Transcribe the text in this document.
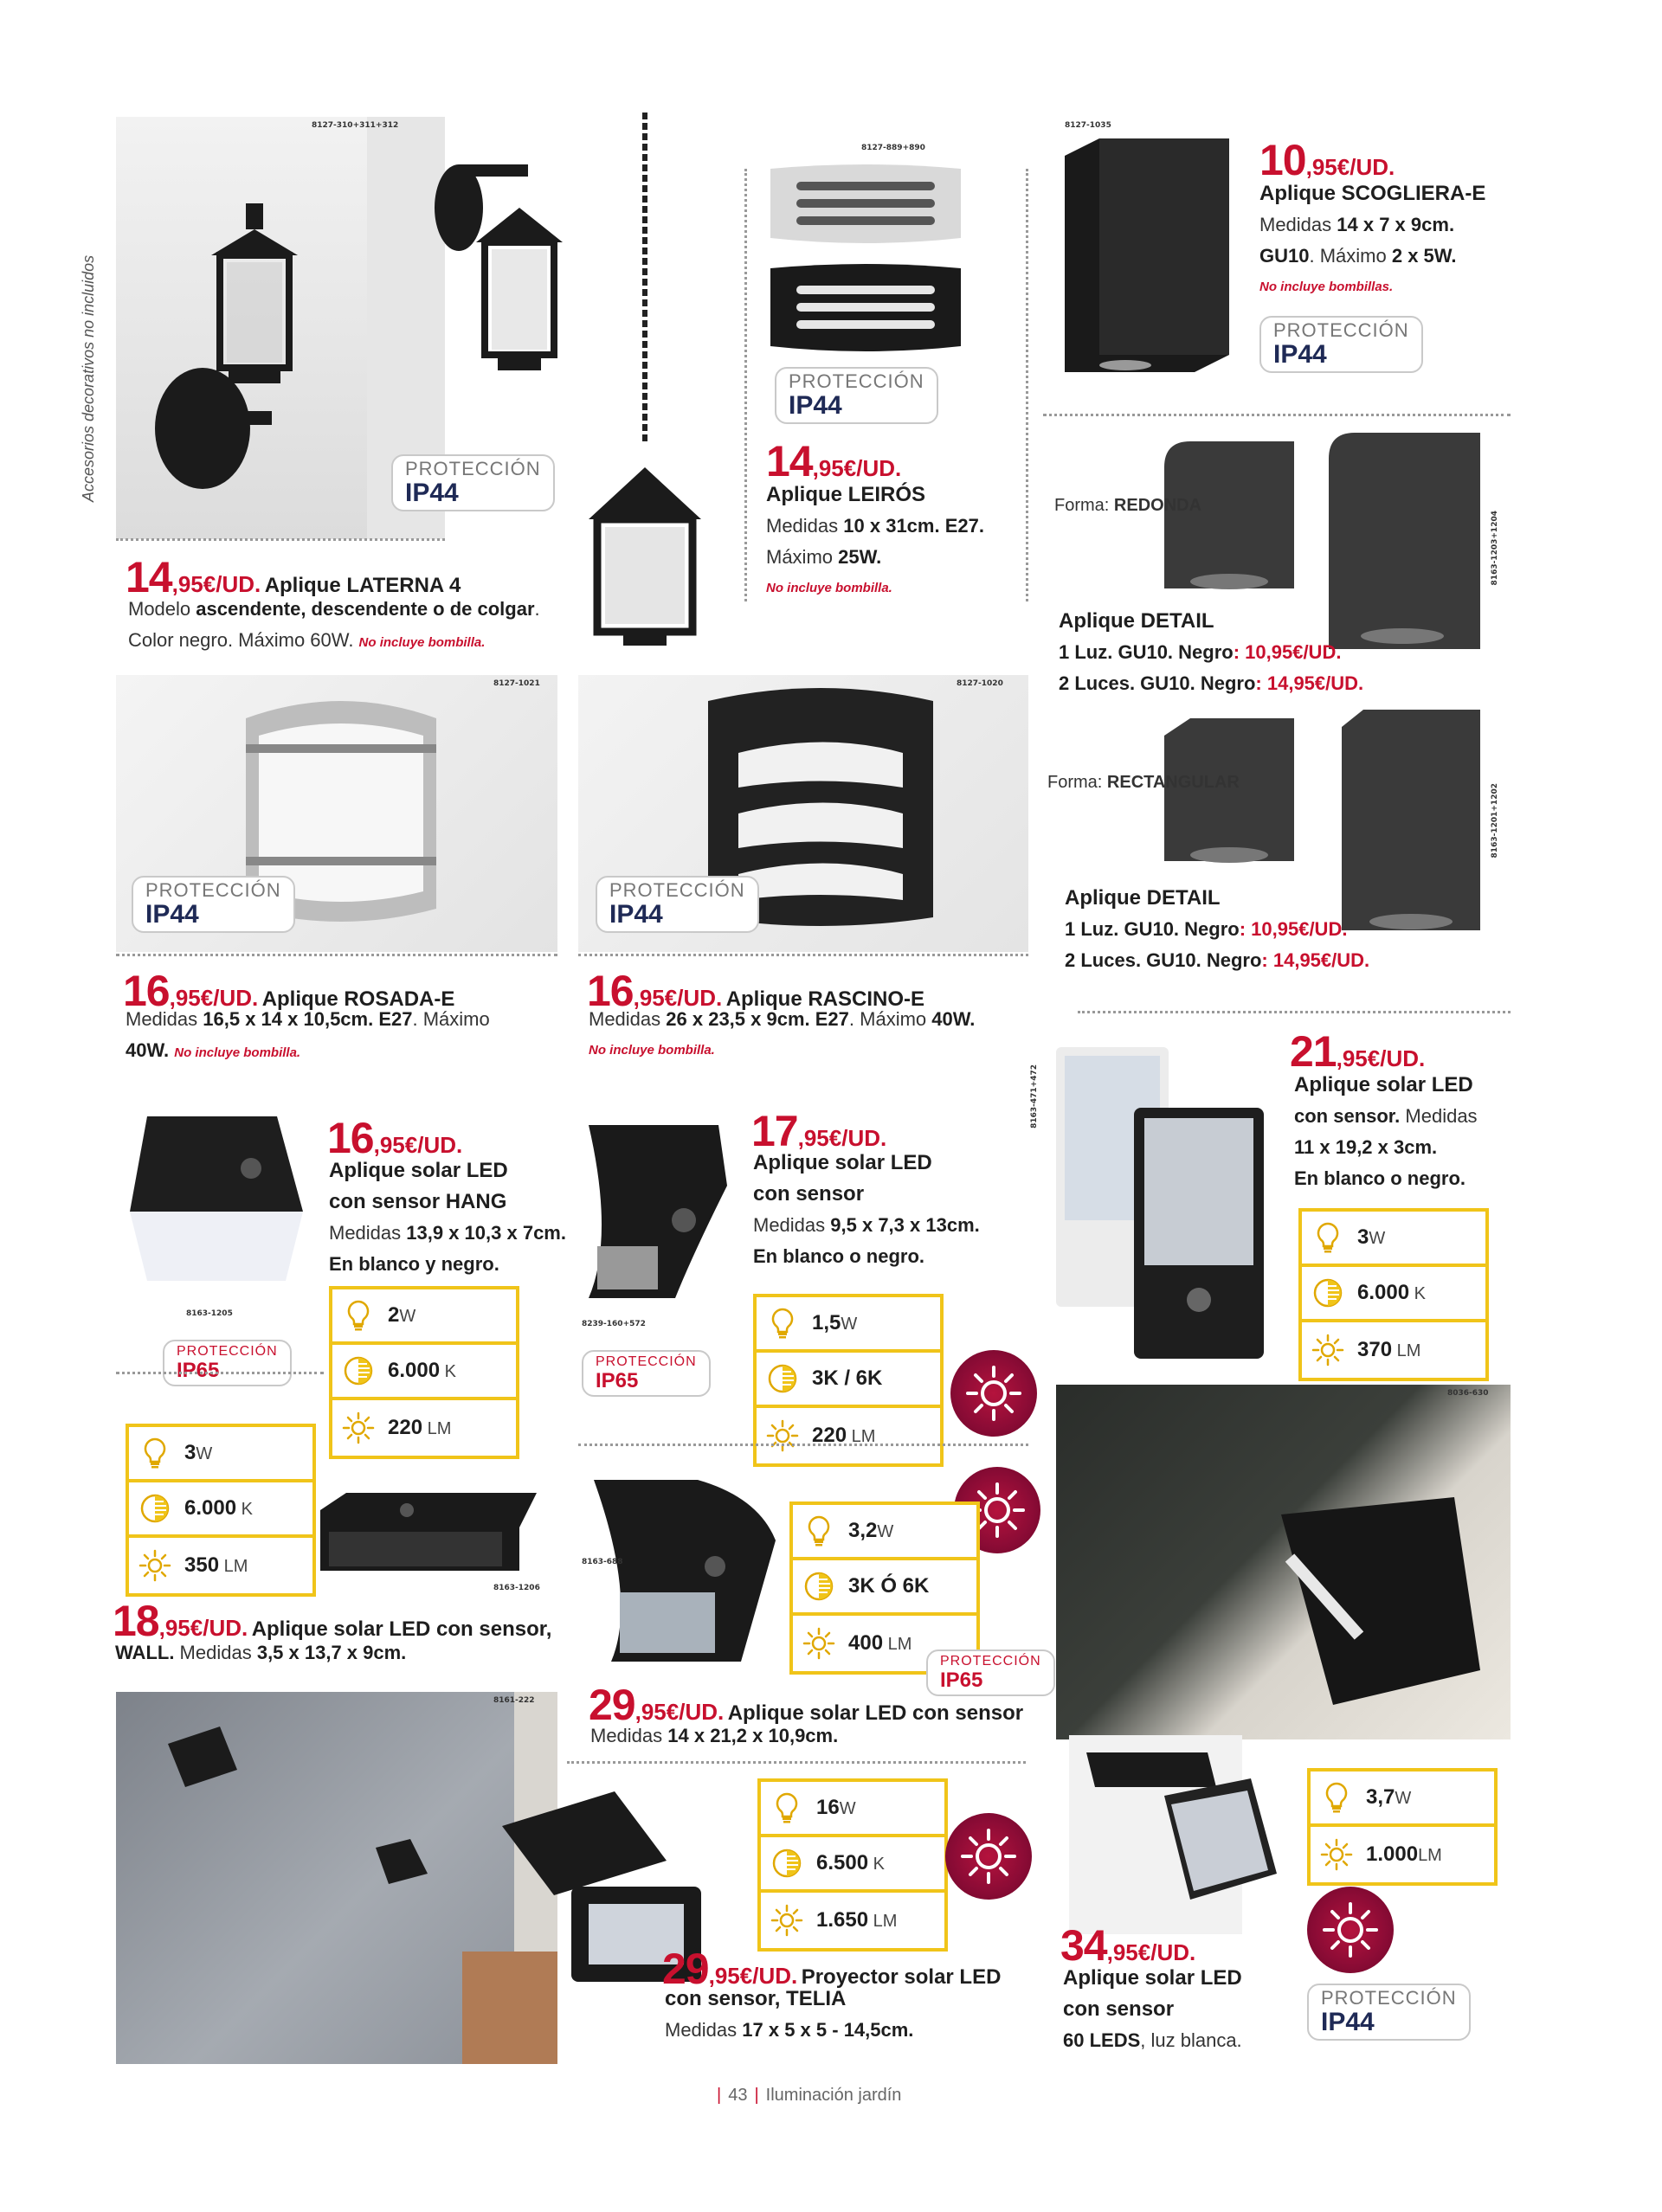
Accesorios decorativos no incluidos
8127-310+311+312
PROTECCIÓN
IP44
14,95€/UD. Aplique LATERNA 4
Modelo ascendente, descendente o de colgar.
Color negro. Máximo 60W. No incluye bombilla.
8127-889+890
PROTECCIÓN
IP44
14,95€/UD.
Aplique LEIRÓS
Medidas 10 x 31cm. E27.
Máximo 25W.
No incluye bombilla.
8127-1035
10,95€/UD.
Aplique SCOGLIERA-E
Medidas 14 x 7 x 9cm.
GU10. Máximo 2 x 5W.
No incluye bombillas.
PROTECCIÓN
IP44
8163-1203+1204
Forma: REDONDA
Aplique DETAIL
1 Luz. GU10. Negro: 10,95€/UD.
2 Luces. GU10. Negro: 14,95€/UD.
8163-1201+1202
Forma: RECTANGULAR
Aplique DETAIL
1 Luz. GU10. Negro: 10,95€/UD.
2 Luces. GU10. Negro: 14,95€/UD.
8127-1021
PROTECCIÓN
IP44
16,95€/UD. Aplique ROSADA-E
Medidas 16,5 x 14 x 10,5cm. E27. Máximo
40W. No incluye bombilla.
8127-1020
PROTECCIÓN
IP44
16,95€/UD. Aplique RASCINO-E
Medidas 26 x 23,5 x 9cm. E27. Máximo 40W.
No incluye bombilla.
8163-471+472
21,95€/UD.
Aplique solar LED
con sensor. Medidas
11 x 19,2 x 3cm.
En blanco o negro.
3W
6.000 K
370 LM
8163-1205
16,95€/UD.
Aplique solar LED
con sensor HANG
Medidas 13,9 x 10,3 x 7cm.
En blanco y negro.
PROTECCIÓN
IP65
2W
6.000 K
220 LM
8239-160+572
17,95€/UD.
Aplique solar LED
con sensor
Medidas 9,5 x 7,3 x 13cm.
En blanco o negro.
PROTECCIÓN
IP65
1,5W
3K / 6K
220 LM
3W
6.000 K
350 LM
8163-1206
18,95€/UD. Aplique solar LED con sensor,
WALL. Medidas 3,5 x 13,7 x 9cm.
8163-688
3,2W
3K Ó 6K
400 LM
PROTECCIÓN
IP65
29,95€/UD. Aplique solar LED con sensor
Medidas 14 x 21,2 x 10,9cm.
8036-630
3,7W
1.000LM
34,95€/UD.
Aplique solar LED
con sensor
60 LEDS, luz blanca.
PROTECCIÓN
IP44
8161-222
16W
6.500 K
1.650 LM
29,95€/UD. Proyector solar LED
con sensor, TELIA
Medidas 17 x 5 x 5 - 14,5cm.
| 43 | Iluminación jardín
